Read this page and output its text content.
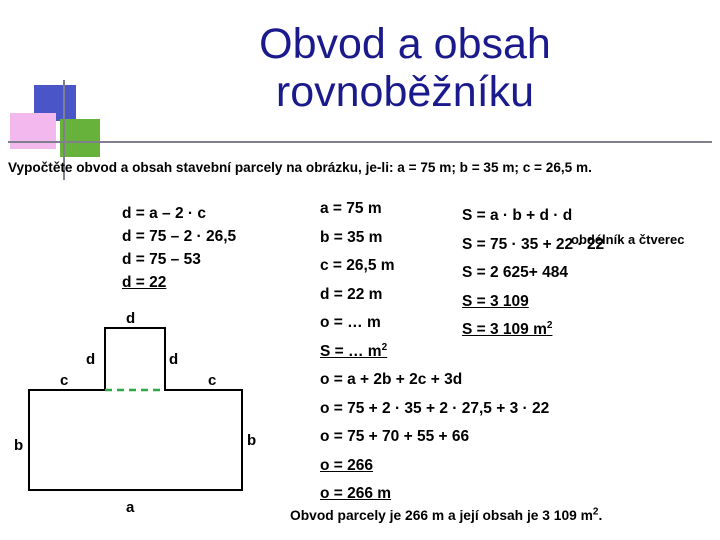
Obvod a obsah
rovnoběžníku
Vypočtěte obvod a obsah stavební parcely na obrázku, je-li: a = 75 m; b = 35 m; c = 26,5 m.
d = a – 2 · c
d = 75 – 2 · 26,5
d = 75 – 53
d = 22
a = 75 m
b = 35 m
c = 26,5 m
d = 22 m
o = … m
S = … $m^2$
o = a + 2b + 2c + 3d
o = 75 + 2 · 35 + 2 · 27,5 + 3 · 22
o = 75 + 70 + 55 + 66
o = 266
o = 266 m
S = a · b + d · d
S = 75 · 35 + 22 · 22
S = 2 625+ 484
S = 3 109
S = 3 109 $m^2$
obdélník a čtverec
d
d	d
c	c
b	b
a	Obvod parcely je 266 m a její obsah je 3 109 $m^2$.
